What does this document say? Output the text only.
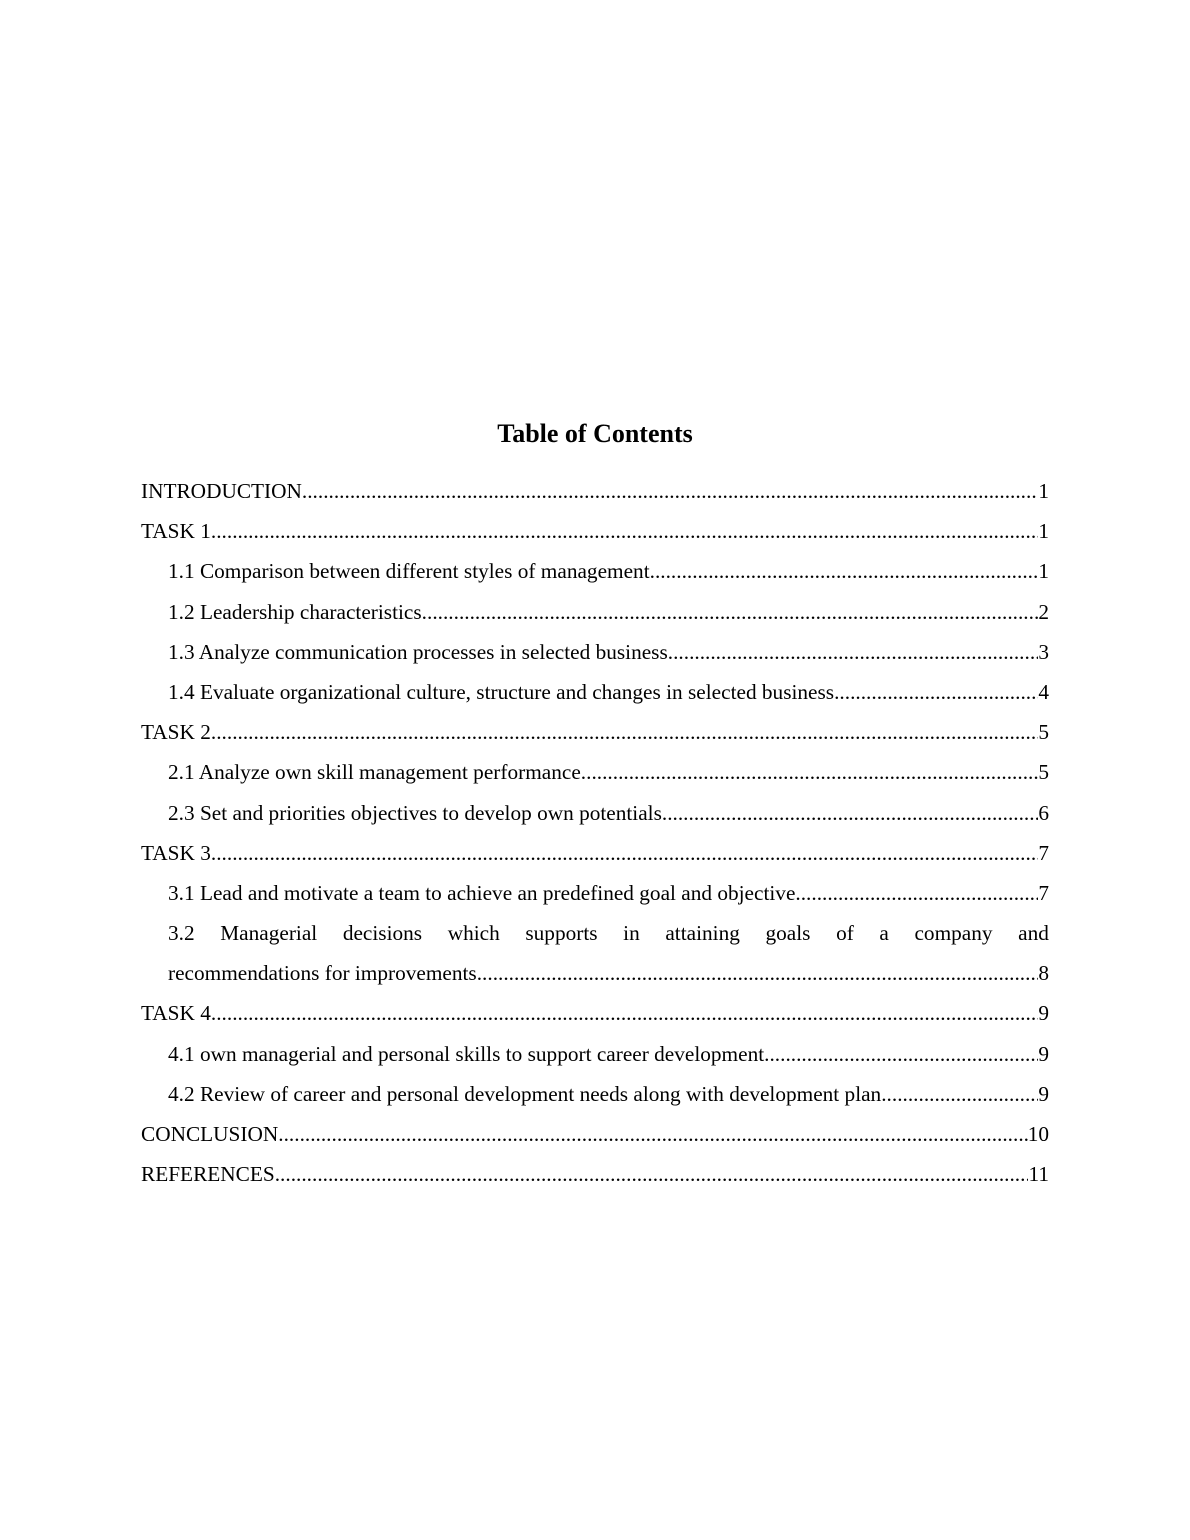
Table of Contents
INTRODUCTION .....	1
TASK 1 .....	1
1.1 Comparison between different styles of management .....	1
1.2 Leadership characteristics .....	2
1.3 Analyze communication processes in selected business .....	3
1.4 Evaluate organizational culture, structure and changes in selected business .....	4
TASK 2 .....	5
2.1 Analyze own skill management performance .....	5
2.3 Set and priorities objectives to develop own potentials .....	6
TASK 3 .....	7
3.1 Lead and motivate a team to achieve an predefined goal and objective .....	7
3.2 Managerial decisions which supports in attaining goals of a company and
recommendations for improvements .....	8
TASK 4 .....	9
4.1 own managerial and personal skills to support career development .....	9
4.2 Review of career and personal development needs along with development plan .....	9
CONCLUSION .....	10
REFERENCES .....	11
